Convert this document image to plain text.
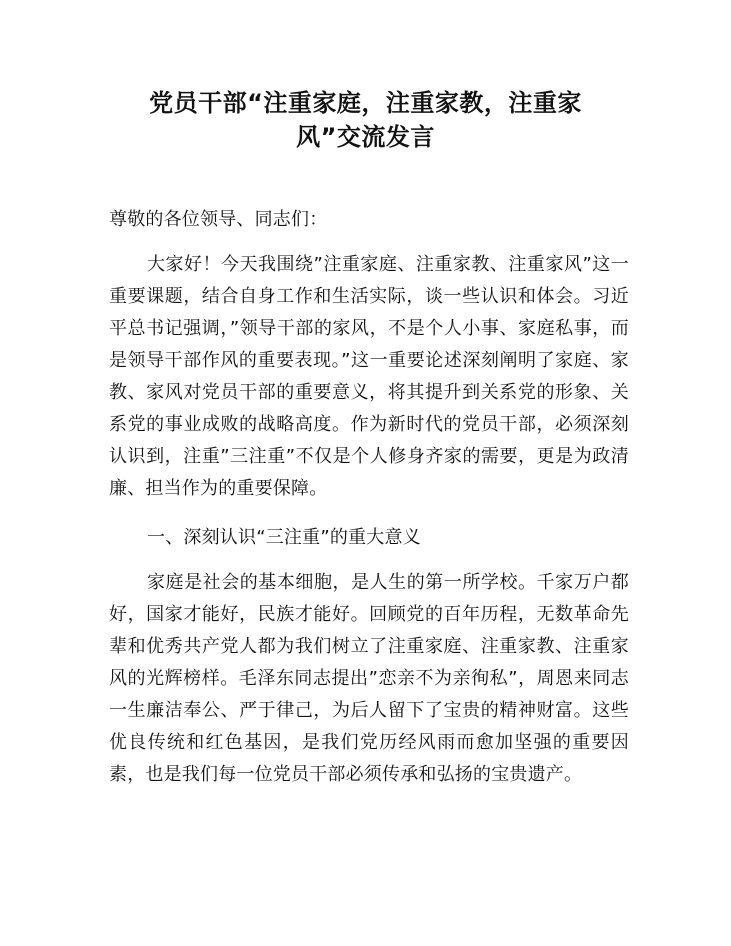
党员干部“注重家庭，注重家教，注重家
风”交流发言

尊敬的各位领导、同志们：

大家好！今天我围绕”注重家庭、注重家教、注重家风”这一重要课题，结合自身工作和生活实际，谈一些认识和体会。习近平总书记强调，”领导干部的家风，不是个人小事、家庭私事，而是领导干部作风的重要表现。”这一重要论述深刻阐明了家庭、家教、家风对党员干部的重要意义，将其提升到关系党的形象、关系党的事业成败的战略高度。作为新时代的党员干部，必须深刻认识到，注重”三注重”不仅是个人修身齐家的需要，更是为政清廉、担当作为的重要保障。

一、深刻认识“三注重”的重大意义

家庭是社会的基本细胞，是人生的第一所学校。千家万户都好，国家才能好，民族才能好。回顾党的百年历程，无数革命先辈和优秀共产党人都为我们树立了注重家庭、注重家教、注重家风的光辉榜样。毛泽东同志提出”恋亲不为亲徇私”，周恩来同志一生廉洁奉公、严于律己，为后人留下了宝贵的精神财富。这些优良传统和红色基因，是我们党历经风雨而愈加坚强的重要因素，也是我们每一位党员干部必须传承和弘扬的宝贵遗产。
